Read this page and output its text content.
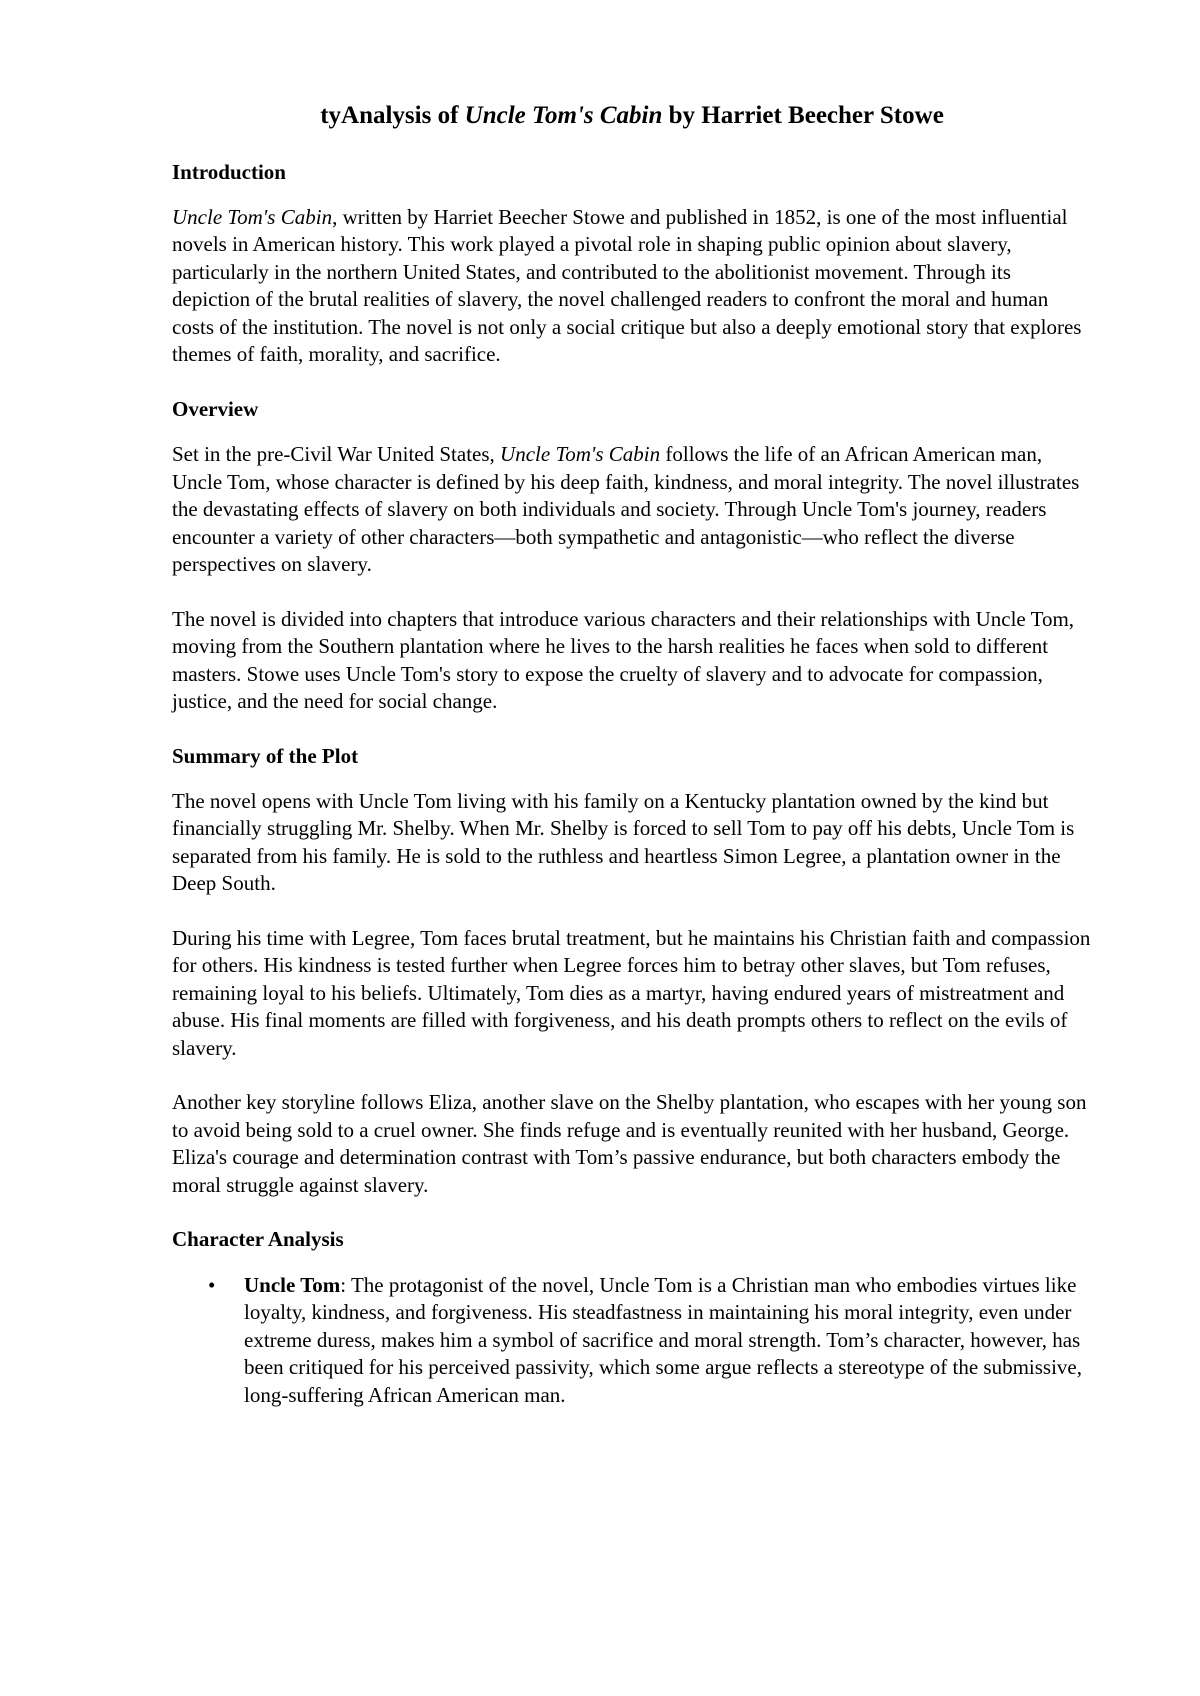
tyAnalysis of Uncle Tom's Cabin by Harriet Beecher Stowe
Introduction

Uncle Tom's Cabin, written by Harriet Beecher Stowe and published in 1852, is one of the most influential novels in American history. This work played a pivotal role in shaping public opinion about slavery, particularly in the northern United States, and contributed to the abolitionist movement. Through its depiction of the brutal realities of slavery, the novel challenged readers to confront the moral and human costs of the institution. The novel is not only a social critique but also a deeply emotional story that explores themes of faith, morality, and sacrifice.

Overview

Set in the pre-Civil War United States, Uncle Tom's Cabin follows the life of an African American man, Uncle Tom, whose character is defined by his deep faith, kindness, and moral integrity. The novel illustrates the devastating effects of slavery on both individuals and society. Through Uncle Tom's journey, readers encounter a variety of other characters—both sympathetic and antagonistic—who reflect the diverse perspectives on slavery.

The novel is divided into chapters that introduce various characters and their relationships with Uncle Tom, moving from the Southern plantation where he lives to the harsh realities he faces when sold to different masters. Stowe uses Uncle Tom's story to expose the cruelty of slavery and to advocate for compassion, justice, and the need for social change.

Summary of the Plot

The novel opens with Uncle Tom living with his family on a Kentucky plantation owned by the kind but financially struggling Mr. Shelby. When Mr. Shelby is forced to sell Tom to pay off his debts, Uncle Tom is separated from his family. He is sold to the ruthless and heartless Simon Legree, a plantation owner in the Deep South.

During his time with Legree, Tom faces brutal treatment, but he maintains his Christian faith and compassion for others. His kindness is tested further when Legree forces him to betray other slaves, but Tom refuses, remaining loyal to his beliefs. Ultimately, Tom dies as a martyr, having endured years of mistreatment and abuse. His final moments are filled with forgiveness, and his death prompts others to reflect on the evils of slavery.

Another key storyline follows Eliza, another slave on the Shelby plantation, who escapes with her young son to avoid being sold to a cruel owner. She finds refuge and is eventually reunited with her husband, George. Eliza's courage and determination contrast with Tom’s passive endurance, but both characters embody the moral struggle against slavery.

Character Analysis
• Uncle Tom: The protagonist of the novel, Uncle Tom is a Christian man who embodies virtues like loyalty, kindness, and forgiveness. His steadfastness in maintaining his moral integrity, even under extreme duress, makes him a symbol of sacrifice and moral strength. Tom’s character, however, has been critiqued for his perceived passivity, which some argue reflects a stereotype of the submissive, long-suffering African American man.
